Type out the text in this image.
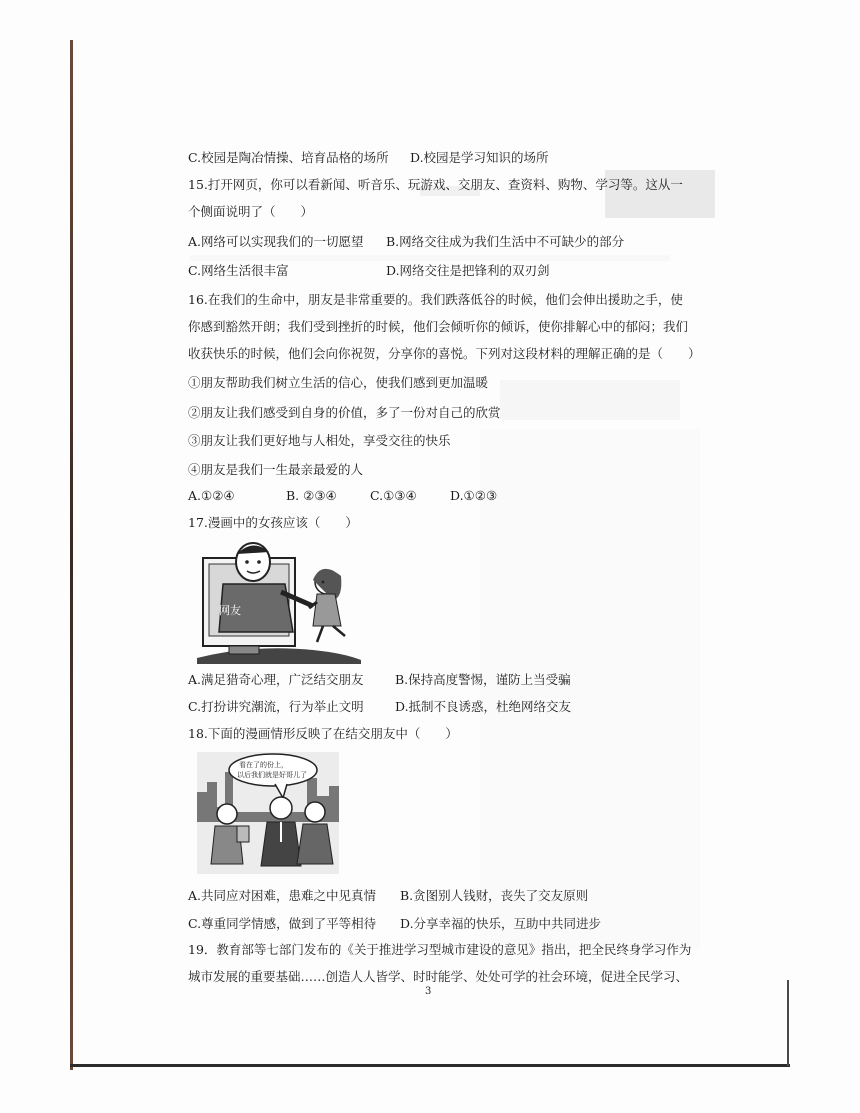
C.校园是陶冶情操、培育品格的场所 D.校园是学习知识的场所
15.打开网页，你可以看新闻、听音乐、玩游戏、交朋友、查资料、购物、学习等。这从一
个侧面说明了（　　）
A.网络可以实现我们的一切愿望 B.网络交往成为我们生活中不可缺少的部分
C.网络生活很丰富	D.网络交往是把锋利的双刃剑
16.在我们的生命中，朋友是非常重要的。我们跌落低谷的时候，他们会伸出援助之手，使
你感到豁然开朗；我们受到挫折的时候，他们会倾听你的倾诉，使你排解心中的郁闷；我们
收获快乐的时候，他们会向你祝贺，分享你的喜悦。下列对这段材料的理解正确的是（　　）
①朋友帮助我们树立生活的信心，使我们感到更加温暖
②朋友让我们感受到自身的价值，多了一份对自己的欣赏
③朋友让我们更好地与人相处，享受交往的快乐
④朋友是我们一生最亲最爱的人
A.①②④	B. ②③④	C.①③④	D.①②③
17.漫画中的女孩应该（　　）
网友
A.满足猎奇心理，广泛结交朋友	B.保持高度警惕，谨防上当受骗
C.打扮讲究潮流，行为举止文明	D.抵制不良诱惑，杜绝网络交友
18.下面的漫画情形反映了在结交朋友中（　　）
看在了的份上，
以后我们就是好哥儿了
A.共同应对困难，患难之中见真情 B.贪图别人钱财，丧失了交友原则
C.尊重同学情感，做到了平等相待 D.分享幸福的快乐，互助中共同进步
19．教育部等七部门发布的《关于推进学习型城市建设的意见》指出，把全民终身学习作为
城市发展的重要基础……创造人人皆学、时时能学、处处可学的社会环境，促进全民学习、
3
